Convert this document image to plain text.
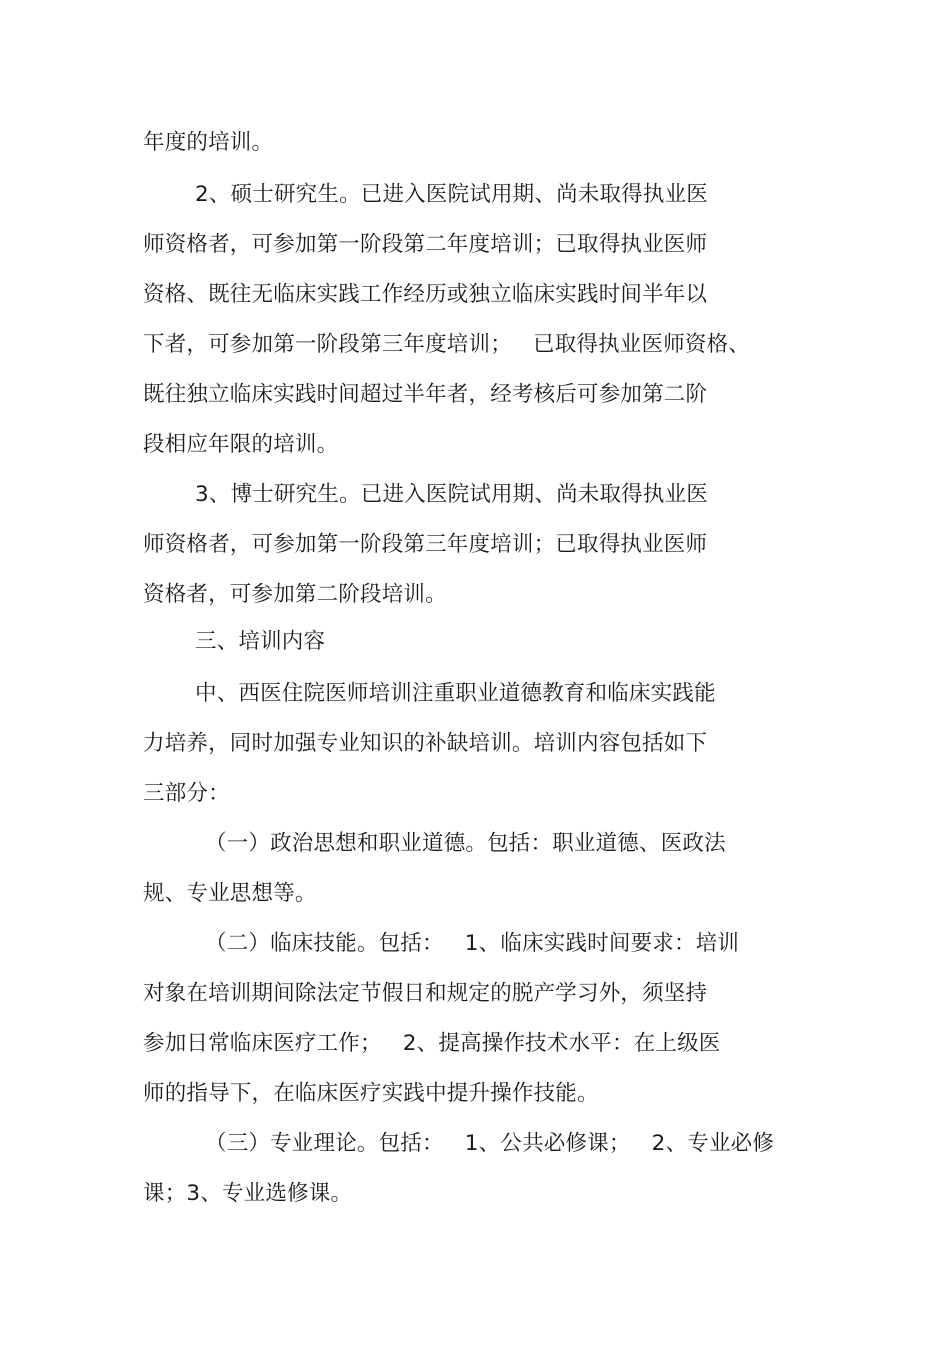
年度的培训。
2、硕士研究生。已进入医院试用期、尚未取得执业医
师资格者，可参加第一阶段第二年度培训；已取得执业医师
资格、既往无临床实践工作经历或独立临床实践时间半年以
下者，可参加第一阶段第三年度培训；   已取得执业医师资格、
既往独立临床实践时间超过半年者，经考核后可参加第二阶
段相应年限的培训。
3、博士研究生。已进入医院试用期、尚未取得执业医
师资格者，可参加第一阶段第三年度培训；已取得执业医师
资格者，可参加第二阶段培训。
三、培训内容
中、西医住院医师培训注重职业道德教育和临床实践能
力培养，同时加强专业知识的补缺培训。培训内容包括如下
三部分：
（一）政治思想和职业道德。包括：职业道德、医政法
规、专业思想等。
（二）临床技能。包括：   1、临床实践时间要求：培训
对象在培训期间除法定节假日和规定的脱产学习外，须坚持
参加日常临床医疗工作；   2、提高操作技术水平：在上级医
师的指导下，在临床医疗实践中提升操作技能。
（三）专业理论。包括：   1、公共必修课；   2、专业必修
课；3、专业选修课。
